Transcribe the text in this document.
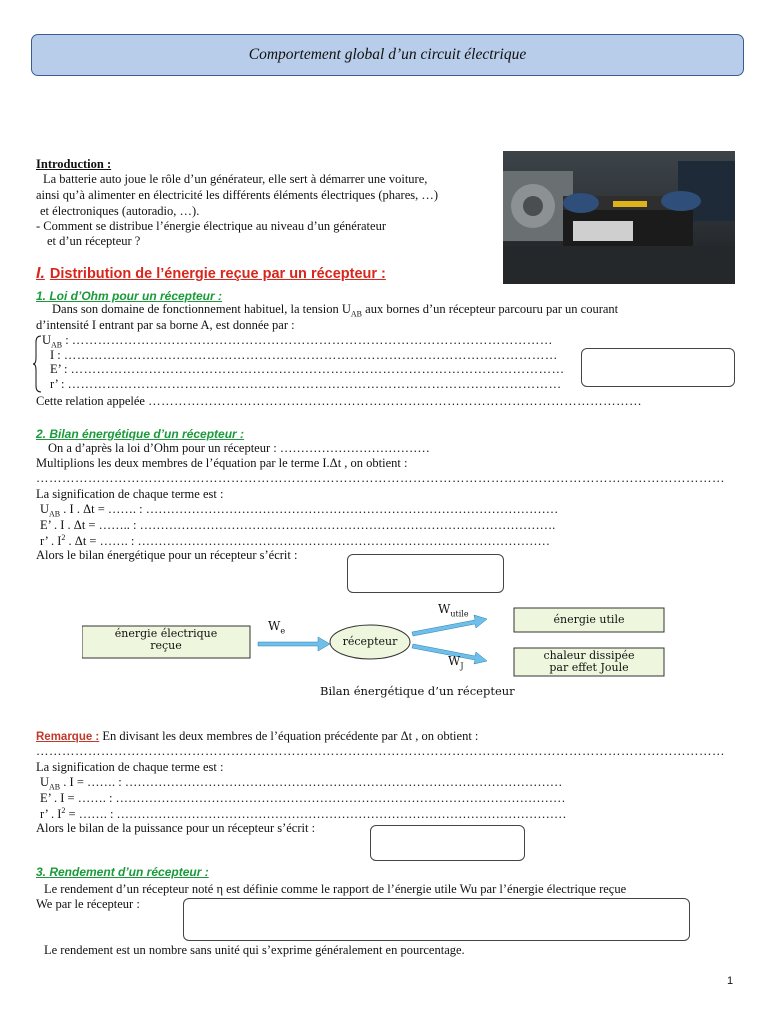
Comportement global d’un circuit électrique
Introduction :
La batterie auto joue le rôle d’un générateur, elle sert à démarrer une voiture,
ainsi qu’à alimenter en électricité les différents éléments électriques (phares, …)
et électroniques (autoradio, …).
- Comment se distribue l’énergie électrique au niveau d’un générateur
et d’un récepteur ?
I. Distribution de l’énergie reçue par un récepteur :
1. Loi d’Ohm pour un récepteur :
Dans son domaine de fonctionnement habituel, la tension $U_{AB}$ aux bornes d’un récepteur parcouru par un courant
d’intensité I entrant par sa borne A, est donnée par :
$U_{AB}$ : …………………………………………………………………………………………………
I : ……………………………………………………………………………………………………
E’ : ……………………………………………………………………………………………………
r’ : ……………………………………………………………………………………………………
Cette relation appelée ……………………………………………………………………………………………………
2. Bilan énergétique d’un récepteur :
On a d’après la loi d’Ohm pour un récepteur : ………………………………
Multiplions les deux membres de l’équation par le terme I.Δt , on obtient :
……………………………………………………………………………………………………………………………………………
La signification de chaque terme est :
$U_{AB}$ . I . Δt = ……. : ………………………………………………………………………………………
E’ . I . Δt = …….. : ……………………………………………………………………………………….
r’ . $I^2$ . Δt = ……. : ………………………………………………………………………………………
Alors le bilan énergétique pour un récepteur s’écrit :
énergie électrique
reçue
$W_e$
récepteur
$W_{utile}$
$W_J$
énergie utile
chaleur dissipée
par effet Joule
Bilan énergétique d’un récepteur
Remarque : En divisant les deux membres de l’équation précédente par Δt , on obtient :
……………………………………………………………………………………………………………………………………………
La signification de chaque terme est :
$U_{AB}$ . I = ……. : ……………………………………………………………………………………………
E’ . I = ……. : ………………………………………………………………………………………………
r’ . $I^2$ = ……. : ………………………………………………………………………………………………
Alors le bilan de la puissance pour un récepteur s’écrit :
3. Rendement d’un récepteur :
Le rendement d’un récepteur noté η est définie comme le rapport de l’énergie utile Wu par l’énergie électrique reçue
We par le récepteur :
Le rendement est un nombre sans unité qui s’exprime généralement en pourcentage.
1
